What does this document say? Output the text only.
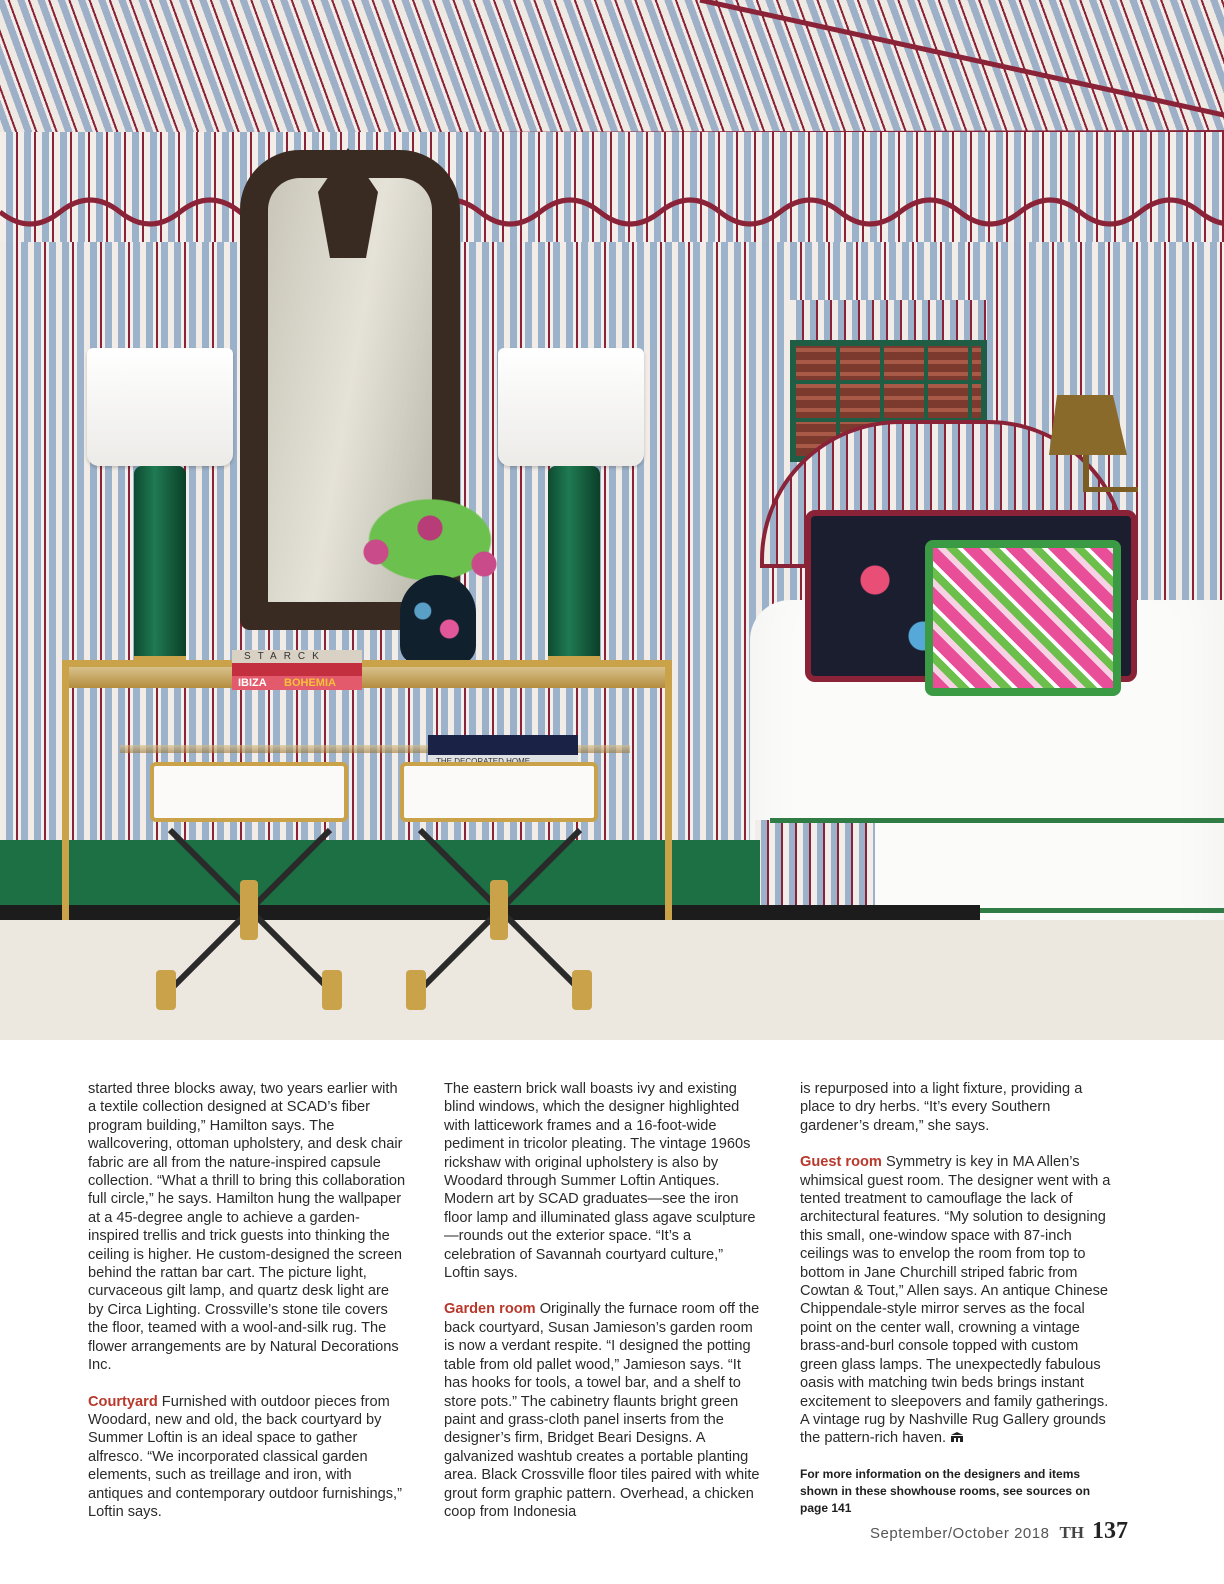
STARCK
IBIZA BOHEMIA

started three blocks away, two years earlier with a textile collection designed at SCAD’s fiber program building,” Hamilton says. The wallcovering, ottoman upholstery, and desk chair fabric are all from the nature-inspired capsule collection. “What a thrill to bring this collaboration full circle,” he says. Hamilton hung the wallpaper at a 45-degree angle to achieve a garden-inspired trellis and trick guests into thinking the ceiling is higher. He custom-designed the screen behind the rattan bar cart. The picture light, curvaceous gilt lamp, and quartz desk light are by Circa Lighting. Crossville’s stone tile covers the floor, teamed with a wool-and-silk rug. The flower arrangements are by Natural Decorations Inc.

Courtyard Furnished with outdoor pieces from Woodard, new and old, the back courtyard by Summer Loftin is an ideal space to gather alfresco. “We incorporated classical garden elements, such as treillage and iron, with antiques and contemporary outdoor furnishings,” Loftin says.

The eastern brick wall boasts ivy and existing blind windows, which the designer highlighted with latticework frames and a 16-foot-wide pediment in tricolor pleating. The vintage 1960s rickshaw with original upholstery is also by Woodard through Summer Loftin Antiques. Modern art by SCAD graduates—see the iron floor lamp and illuminated glass agave sculpture—rounds out the exterior space. “It’s a celebration of Savannah courtyard culture,” Loftin says.

Garden room Originally the furnace room off the back courtyard, Susan Jamieson’s garden room is now a verdant respite. “I designed the potting table from old pallet wood,” Jamieson says. “It has hooks for tools, a towel bar, and a shelf to store pots.” The cabinetry flaunts bright green paint and grass-cloth panel inserts from the designer’s firm, Bridget Beari Designs. A galvanized washtub creates a portable planting area. Black Crossville floor tiles paired with white grout form graphic pattern. Overhead, a chicken coop from Indonesia

is repurposed into a light fixture, providing a place to dry herbs. “It’s every Southern gardener’s dream,” she says.

Guest room Symmetry is key in MA Allen’s whimsical guest room. The designer went with a tented treatment to camouflage the lack of architectural features. “My solution to designing this small, one-window space with 87-inch ceilings was to envelop the room from top to bottom in Jane Churchill striped fabric from Cowtan & Tout,” Allen says. An antique Chinese Chippendale-style mirror serves as the focal point on the center wall, crowning a vintage brass-and-burl console topped with custom green glass lamps. The unexpectedly fabulous oasis with matching twin beds brings instant excitement to sleepovers and family gatherings. A vintage rug by Nashville Rug Gallery grounds the pattern-rich haven.

For more information on the designers and items shown in these showhouse rooms, see sources on page 141

September/October 2018 TH 137
